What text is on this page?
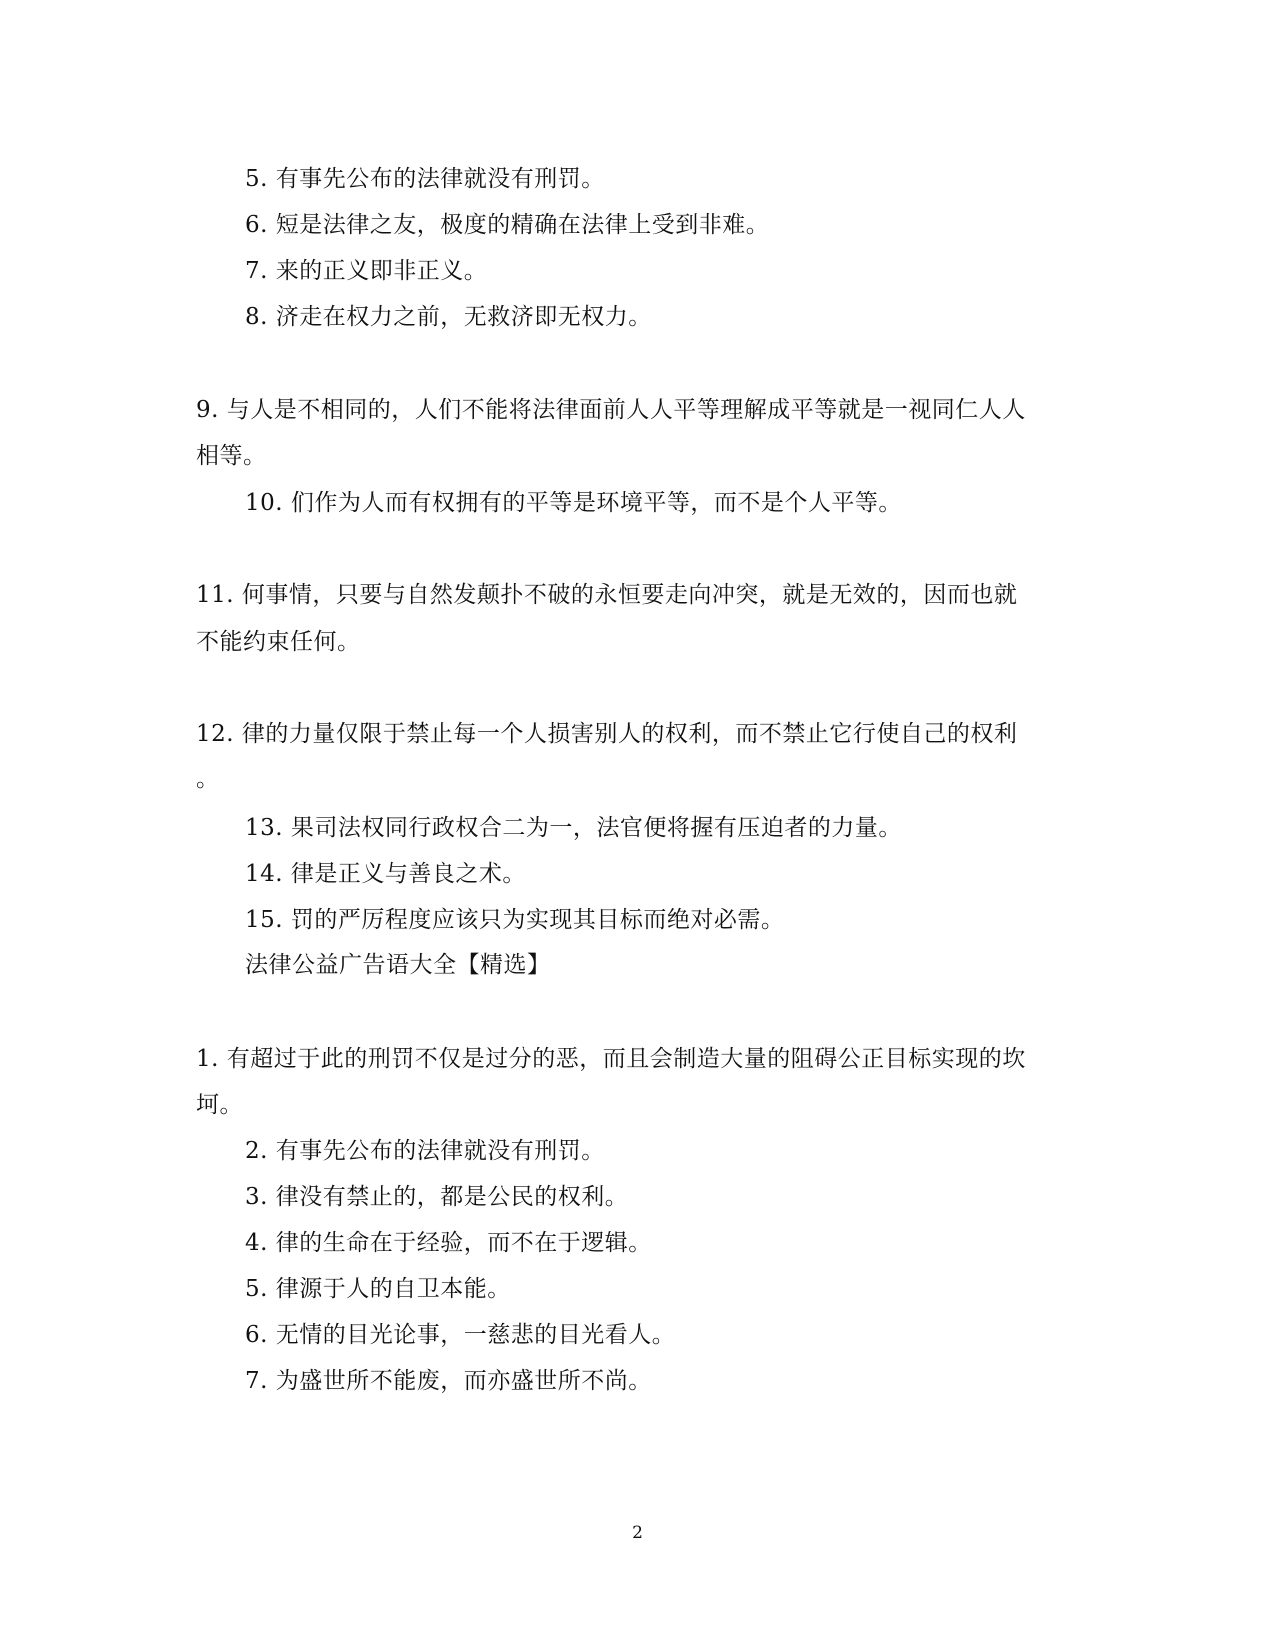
5. 有事先公布的法律就没有刑罚。
6. 短是法律之友，极度的精确在法律上受到非难。
7. 来的正义即非正义。
8. 济走在权力之前，无救济即无权力。
9. 与人是不相同的，人们不能将法律面前人人平等理解成平等就是一视同仁人人
相等。
10. 们作为人而有权拥有的平等是环境平等，而不是个人平等。
11. 何事情，只要与自然发颠扑不破的永恒要走向冲突，就是无效的，因而也就
不能约束任何。
12. 律的力量仅限于禁止每一个人损害别人的权利，而不禁止它行使自己的权利
。
13. 果司法权同行政权合二为一，法官便将握有压迫者的力量。
14. 律是正义与善良之术。
15. 罚的严厉程度应该只为实现其目标而绝对必需。
法律公益广告语大全【精选】
1. 有超过于此的刑罚不仅是过分的恶，而且会制造大量的阻碍公正目标实现的坎
坷。
2. 有事先公布的法律就没有刑罚。
3. 律没有禁止的，都是公民的权利。
4. 律的生命在于经验，而不在于逻辑。
5. 律源于人的自卫本能。
6. 无情的目光论事，一慈悲的目光看人。
7. 为盛世所不能废，而亦盛世所不尚。
2
